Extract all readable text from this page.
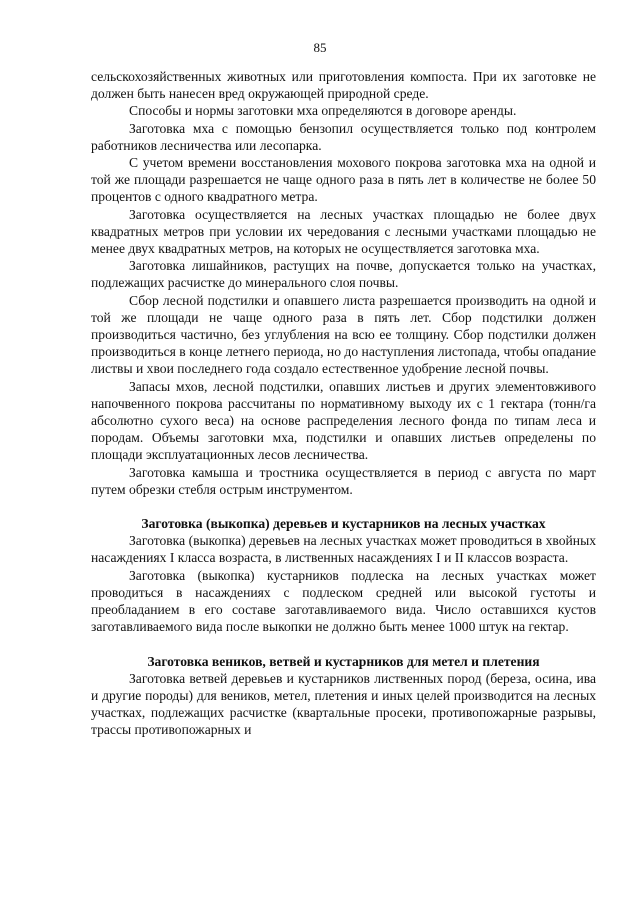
85

сельскохозяйственных животных или приготовления компоста. При их заготовке не должен быть нанесен вред окружающей природной среде.

Способы и нормы заготовки мха определяются в договоре аренды.

Заготовка мха с помощью бензопил осуществляется только под контролем работников лесничества или лесопарка.

С учетом времени восстановления мохового покрова заготовка мха на одной и той же площади разрешается не чаще одного раза в пять лет в количестве не более 50 процентов с одного квадратного метра.

Заготовка осуществляется на лесных участках площадью не более двух квадратных метров при условии их чередования с лесными участками площадью не менее двух квадратных метров, на которых не осуществляется заготовка мха.

Заготовка лишайников, растущих на почве, допускается только на участках, подлежащих расчистке до минерального слоя почвы.

Сбор лесной подстилки и опавшего листа разрешается производить на одной и той же площади не чаще одного раза в пять лет. Сбор подстилки должен производиться частично, без углубления на всю ее толщину. Сбор подстилки должен производиться в конце летнего периода, но до наступления листопада, чтобы опадание листвы и хвои последнего года создало естественное удобрение лесной почвы.

Запасы мхов, лесной подстилки, опавших листьев и других элементовживого напочвенного покрова рассчитаны по нормативному выходу их с 1 гектара (тонн/га абсолютно сухого веса) на основе распределения лесного фонда по типам леса и породам. Объемы заготовки мха, подстилки и опавших листьев определены по площади эксплуатационных лесов лесничества.

Заготовка камыша и тростника осуществляется в период с августа по март путем обрезки стебля острым инструментом.

Заготовка (выкопка) деревьев и кустарников на лесных участках

Заготовка (выкопка) деревьев на лесных участках может проводиться в хвойных насаждениях I класса возраста, в лиственных насаждениях I и II классов возраста.

Заготовка (выкопка) кустарников подлеска на лесных участках может проводиться в насаждениях с подлеском средней или высокой густоты и преобладанием в его составе заготавливаемого вида. Число оставшихся кустов заготавливаемого вида после выкопки не должно быть менее 1000 штук на гектар.

Заготовка веников, ветвей и кустарников для метел и плетения

Заготовка ветвей деревьев и кустарников лиственных пород (береза, осина, ива и другие породы) для веников, метел, плетения и иных целей производится на лесных участках, подлежащих расчистке (квартальные просеки, противопожарные разрывы, трассы противопожарных и
